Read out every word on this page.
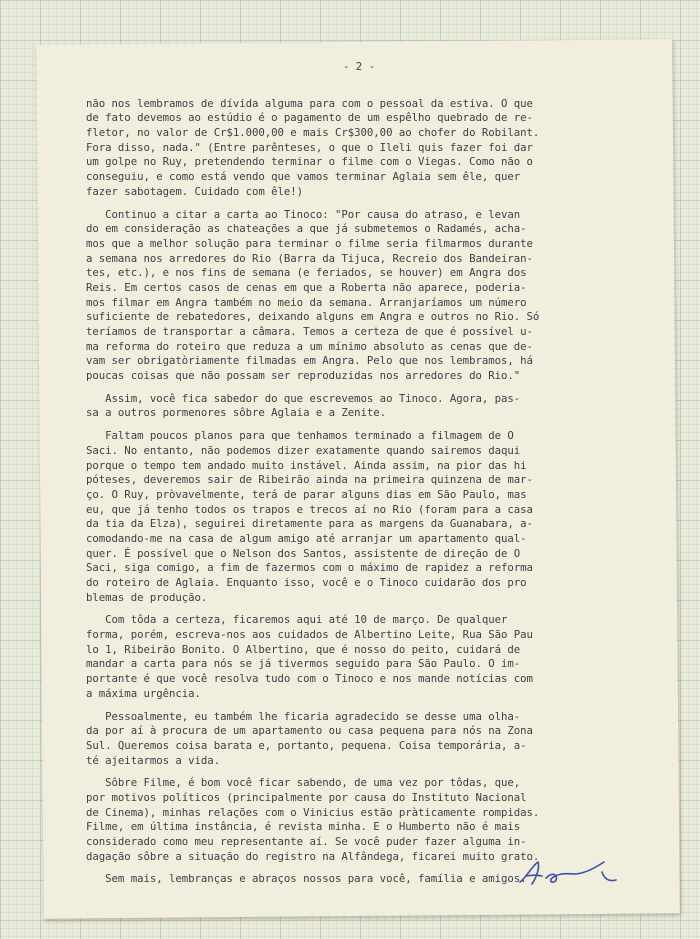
- 2 -
não nos lembramos de dívida alguma para com o pessoal da estiva. O que
de fato devemos ao estúdio é o pagamento de um espêlho quebrado de re-
fletor, no valor de Cr$1.000,00 e mais Cr$300,00 ao chofer do Robilant.
Fora disso, nada." (Entre parênteses, o que o Ileli quis fazer foi dar
um golpe no Ruy, pretendendo terminar o filme com o Viegas. Como não o
conseguiu, e como está vendo que vamos terminar Aglaia sem êle, quer
fazer sabotagem. Cuidado com êle!)
Continuo a citar a carta ao Tinoco: "Por causa do atraso, e levan
do em consideração as chateações a que já submetemos o Radamés, acha-
mos que a melhor solução para terminar o filme seria filmarmos durante
a semana nos arredores do Rio (Barra da Tijuca, Recreio dos Bandeiran-
tes, etc.), e nos fins de semana (e feriados, se houver) em Angra dos
Reis. Em certos casos de cenas em que a Roberta não aparece, poderia-
mos filmar em Angra também no meio da semana. Arranjaríamos um número
suficiente de rebatedores, deixando alguns em Angra e outros no Rio. Só
teríamos de transportar a câmara. Temos a certeza de que é possível u-
ma reforma do roteiro que reduza a um mínimo absoluto as cenas que de-
vam ser obrigatòriamente filmadas em Angra. Pelo que nos lembramos, há
poucas coisas que não possam ser reproduzidas nos arredores do Rio."
Assim, você fica sabedor do que escrevemos ao Tinoco. Agora, pas-
sa a outros pormenores sôbre Aglaia e a Zenite.
Faltam poucos planos para que tenhamos terminado a filmagem de O
Saci. No entanto, não podemos dizer exatamente quando sairemos daqui
porque o tempo tem andado muito instável. Ainda assim, na pior das hi
póteses, deveremos sair de Ribeirão ainda na primeira quinzena de mar-
ço. O Ruy, pròvavelmente, terá de parar alguns dias em São Paulo, mas
eu, que já tenho todos os trapos e trecos aí no Rio (foram para a casa
da tia da Elza), seguirei diretamente para as margens da Guanabara, a-
comodando-me na casa de algum amigo até arranjar um apartamento qual-
quer. É possível que o Nelson dos Santos, assistente de direção de O
Saci, siga comigo, a fim de fazermos com o máximo de rapidez a reforma
do roteiro de Aglaia. Enquanto isso, você e o Tinoco cuidarão dos pro
blemas de produção.
Com tôda a certeza, ficaremos aqui até 10 de março. De qualquer
forma, porém, escreva-nos aos cuidados de Albertino Leite, Rua São Pau
lo 1, Ribeirão Bonito. O Albertino, que é nosso do peito, cuidará de
mandar a carta para nós se já tivermos seguido para São Paulo. O im-
portante é que você resolva tudo com o Tinoco e nos mande notícias com
a máxima urgência.
Pessoalmente, eu também lhe ficaria agradecido se desse uma olha-
da por aí à procura de um apartamento ou casa pequena para nós na Zona
Sul. Queremos coisa barata e, portanto, pequena. Coisa temporária, a-
té ajeitarmos a vida.
Sôbre Filme, é bom você ficar sabendo, de uma vez por tôdas, que,
por motivos políticos (principalmente por causa do Instituto Nacional
de Cinema), minhas relações com o Vinicius estão pràticamente rompidas.
Filme, em última instância, é revista minha. E o Humberto não é mais
considerado como meu representante aí. Se você puder fazer alguma in-
dagação sôbre a situação do registro na Alfândega, ficarei muito grato.
Sem mais, lembranças e abraços nossos para você, família e amigos.
